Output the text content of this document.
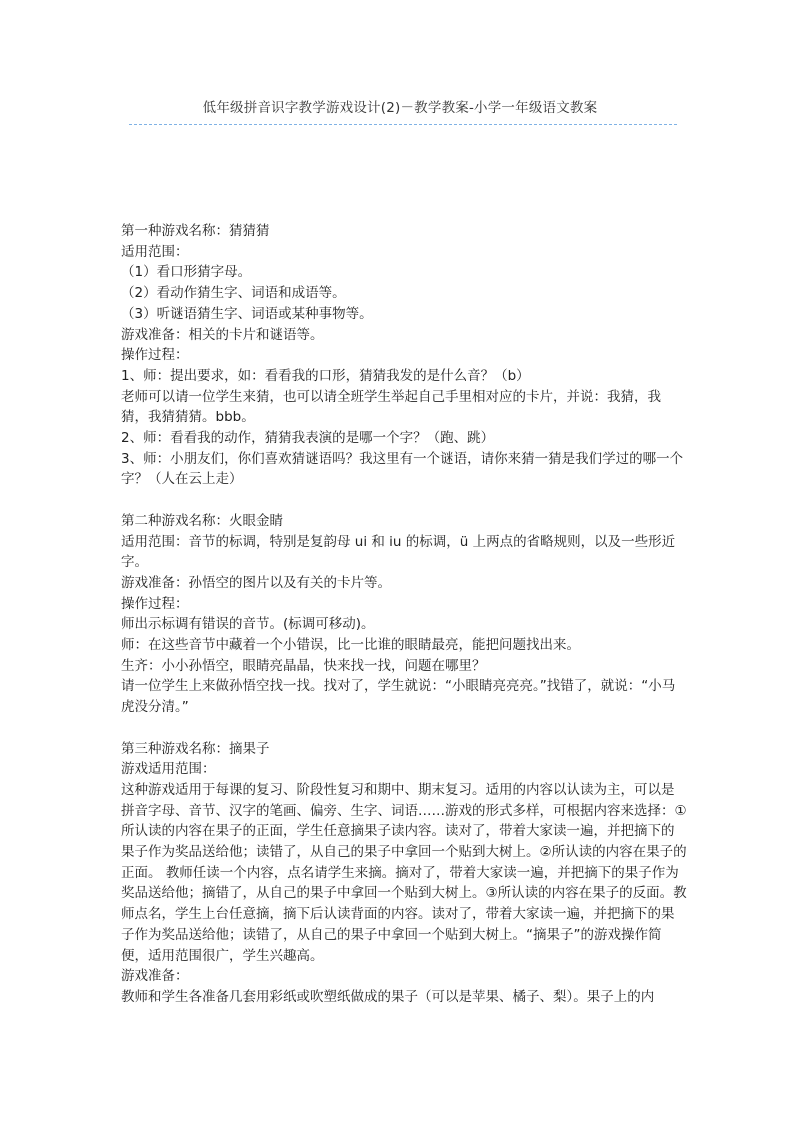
低年级拼音识字教学游戏设计(2)－教学教案-小学一年级语文教案

第一种游戏名称：猜猜猜

适用范围：

（1）看口形猜字母。

（2）看动作猜生字、词语和成语等。

（3）听谜语猜生字、词语或某种事物等。

游戏准备：相关的卡片和谜语等。

操作过程：

1、师：提出要求，如：看看我的口形，猜猜我发的是什么音？（b）

老师可以请一位学生来猜，也可以请全班学生举起自己手里相对应的卡片，并说：我猜，我猜，我猜猜猜。bbb。

2、师：看看我的动作，猜猜我表演的是哪一个字？（跑、跳）

3、师：小朋友们，你们喜欢猜谜语吗？我这里有一个谜语，请你来猜一猜是我们学过的哪一个字？（人在云上走）

第二种游戏名称：火眼金睛

适用范围：音节的标调，特别是复韵母 ui 和 iu 的标调，ü 上两点的省略规则，以及一些形近字。

游戏准备：孙悟空的图片以及有关的卡片等。

操作过程：

师出示标调有错误的音节。(标调可移动)。

师：在这些音节中藏着一个小错误，比一比谁的眼睛最亮，能把问题找出来。

生齐：小小孙悟空，眼睛亮晶晶，快来找一找，问题在哪里？

请一位学生上来做孙悟空找一找。找对了，学生就说：“小眼睛亮亮亮。”找错了，就说：“小马虎没分清。”

第三种游戏名称：摘果子

游戏适用范围：

这种游戏适用于每课的复习、阶段性复习和期中、期末复习。适用的内容以认读为主，可以是拼音字母、音节、汉字的笔画、偏旁、生字、词语……游戏的形式多样，可根据内容来选择：①所认读的内容在果子的正面，学生任意摘果子读内容。读对了，带着大家读一遍，并把摘下的果子作为奖品送给他；读错了，从自己的果子中拿回一个贴到大树上。②所认读的内容在果子的正面。 教师任读一个内容，点名请学生来摘。摘对了，带着大家读一遍，并把摘下的果子作为奖品送给他；摘错了，从自己的果子中拿回一个贴到大树上。③所认读的内容在果子的反面。教师点名，学生上台任意摘，摘下后认读背面的内容。读对了，带着大家读一遍，并把摘下的果子作为奖品送给他；读错了，从自己的果子中拿回一个贴到大树上。“摘果子”的游戏操作简便，适用范围很广，学生兴趣高。

游戏准备：

教师和学生各准备几套用彩纸或吹塑纸做成的果子（可以是苹果、橘子、梨）。果子上的内
